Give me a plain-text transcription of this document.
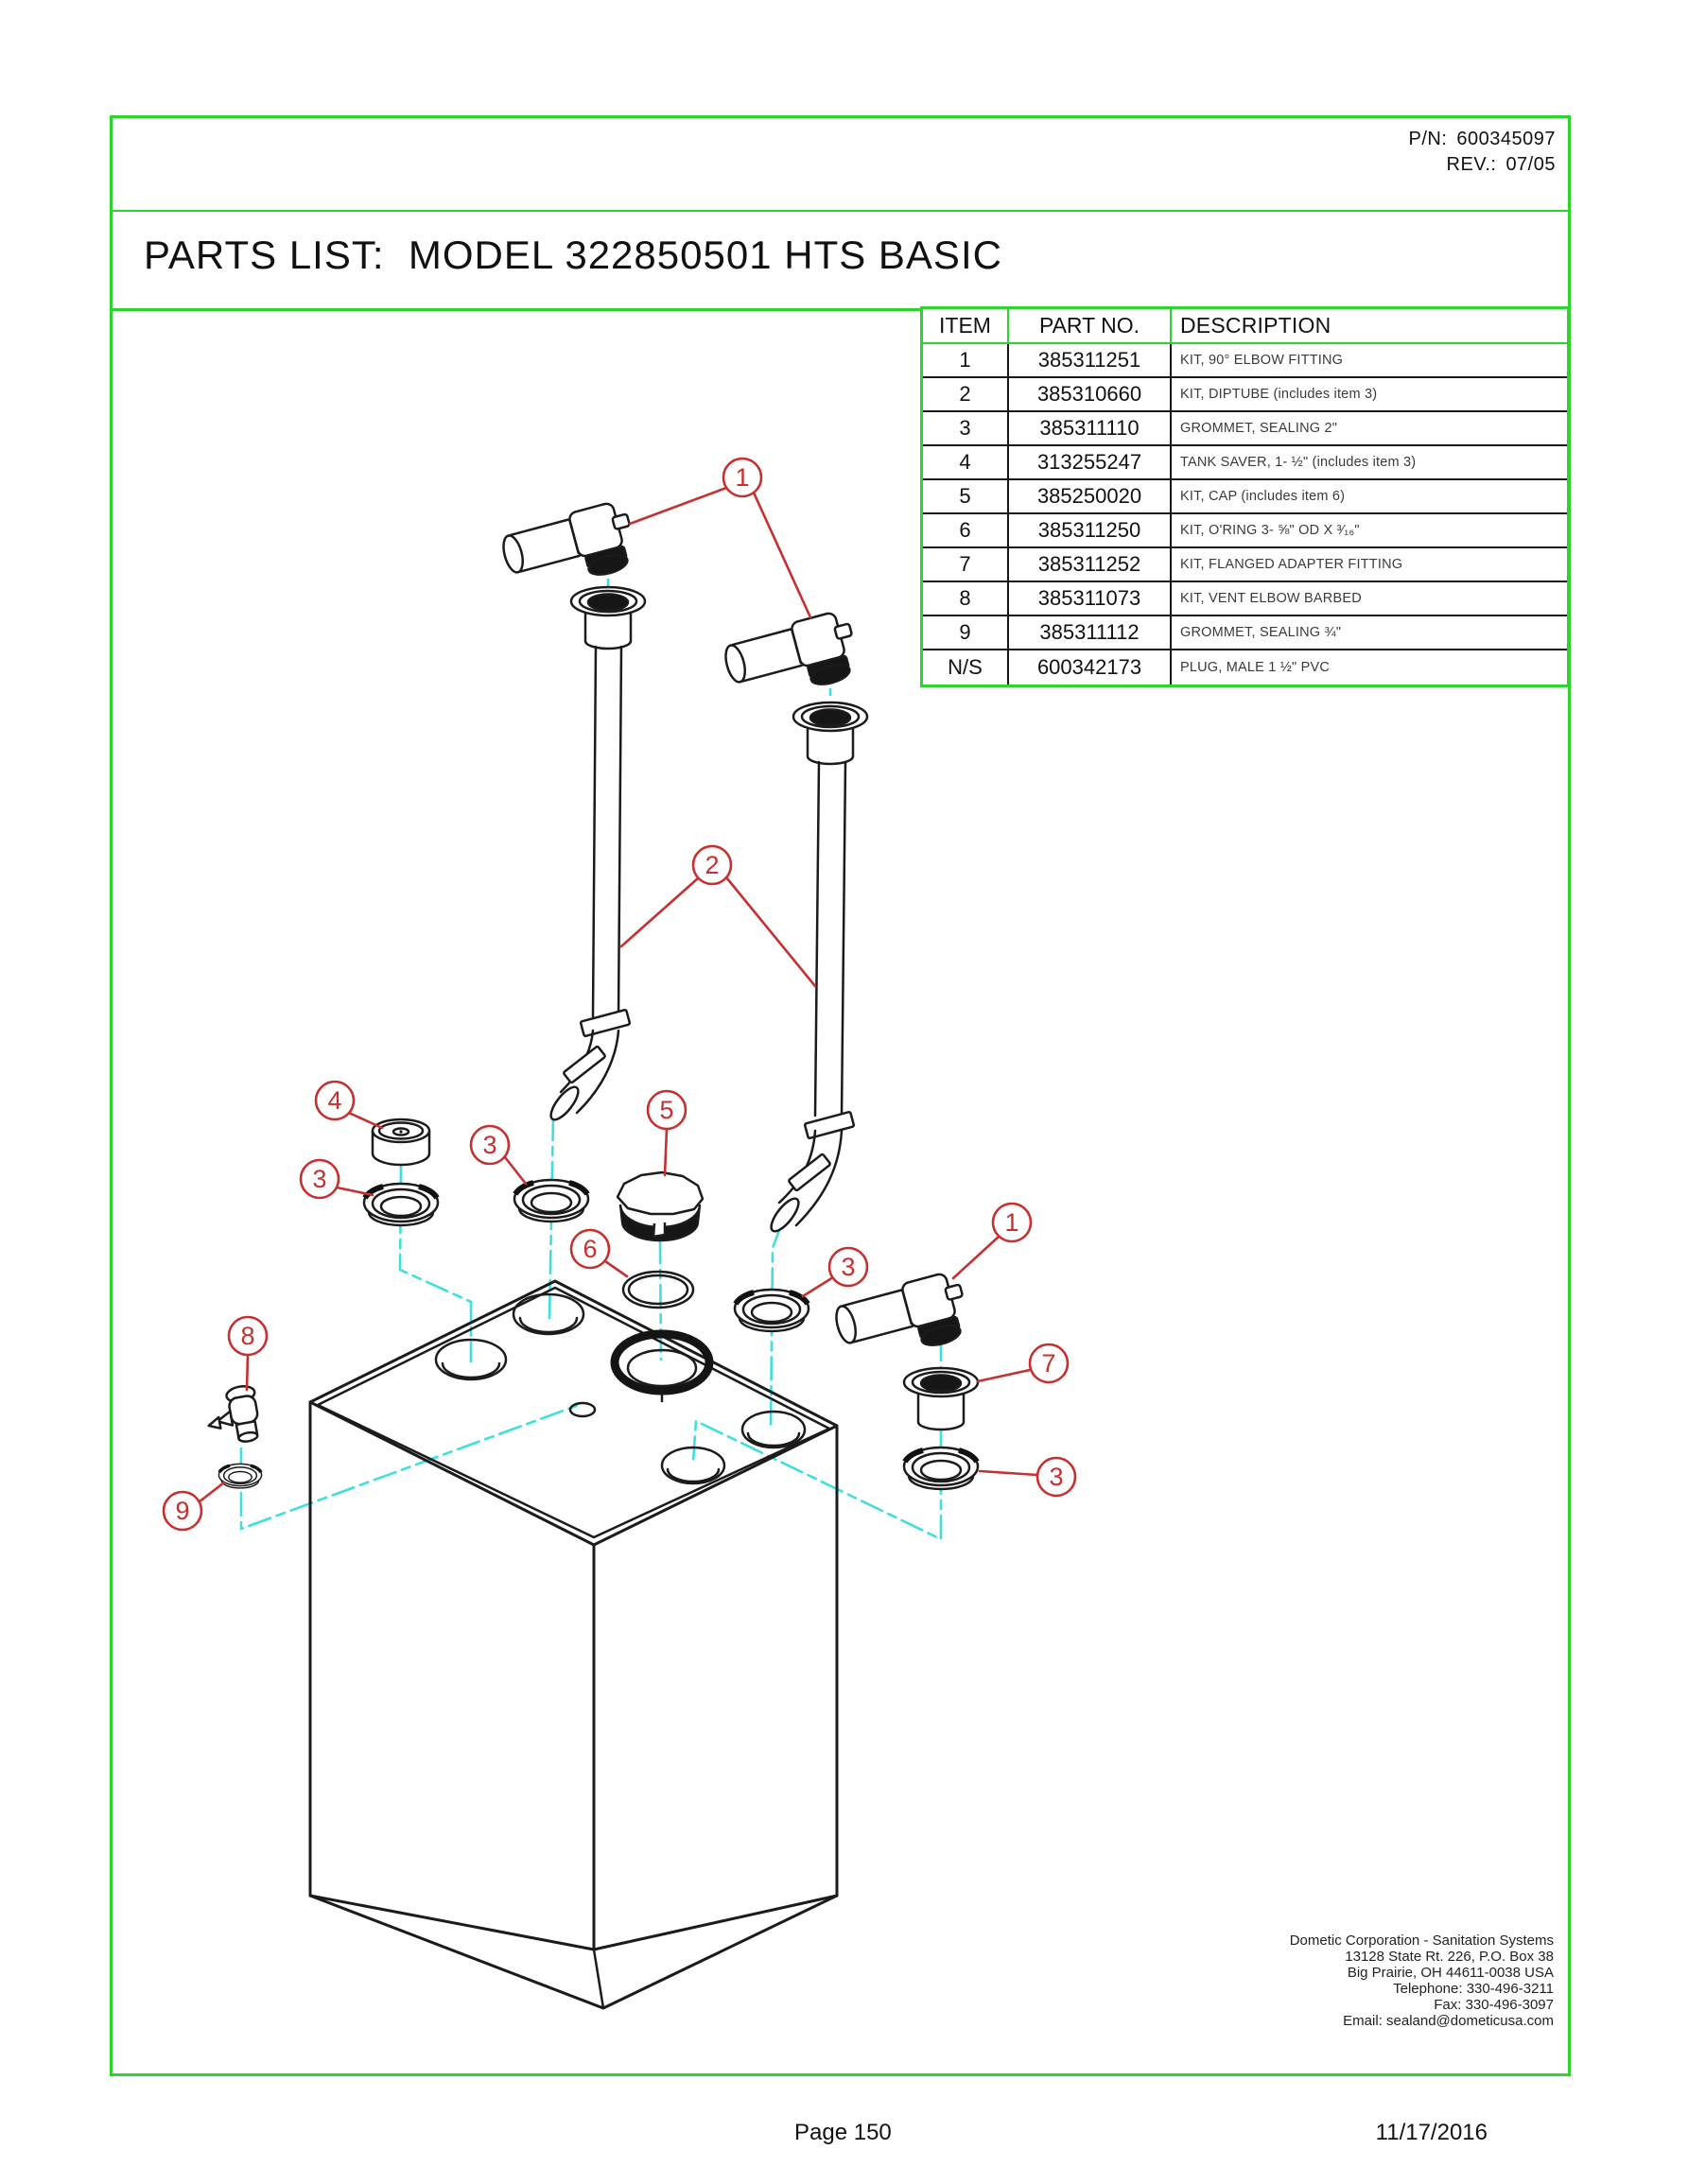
P/N: 600345097
REV.: 07/05
PARTS LIST:  MODEL 322850501 HTS BASIC
ITEM	PART NO.	DESCRIPTION
1	385311251	KIT, 90° ELBOW FITTING
2	385310660	KIT, DIPTUBE (includes item 3)
3	385311110	GROMMET, SEALING 2"
4	313255247	TANK SAVER, 1- ½" (includes item 3)
5	385250020	KIT, CAP (includes item 6)
6	385311250	KIT, O'RING 3- ⅝" OD X ³⁄₁₆"
7	385311252	KIT, FLANGED ADAPTER FITTING
8	385311073	KIT, VENT ELBOW BARBED
9	385311112	GROMMET, SEALING ¾"
N/S	600342173	PLUG, MALE 1 ½" PVC
1
2
4
3
3
5
6
3
1
7
3
8
9
Dometic Corporation - Sanitation Systems
13128 State Rt. 226, P.O. Box 38
Big Prairie, OH 44611-0038 USA
Telephone: 330-496-3211
Fax: 330-496-3097
Email: sealand@dometicusa.com
Page 150	11/17/2016
